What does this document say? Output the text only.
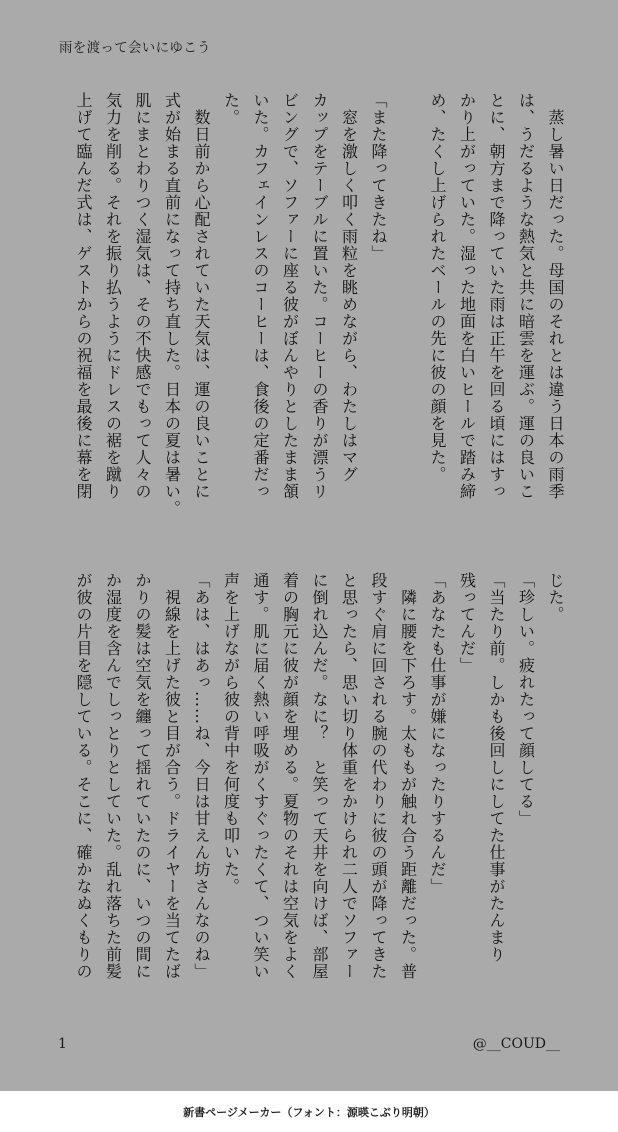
雨を渡って会いにゆこう

　蒸し暑い日だった。母国のそれとは違う日本の雨季

は、うだるような熱気と共に暗雲を運ぶ。運の良いこ

とに、朝方まで降っていた雨は正午を回る頃にはすっ

かり上がっていた。湿った地面を白いヒールで踏み締

め、たくし上げられたベールの先に彼の顔を見た。

「また降ってきたね」

　窓を激しく叩く雨粒を眺めながら、わたしはマグ

カップをテーブルに置いた。コーヒーの香りが漂うリ

ビングで、ソファーに座る彼がぼんやりとしたまま頷

いた。カフェインレスのコーヒーは、食後の定番だっ

た。

　数日前から心配されていた天気は、運の良いことに

式が始まる直前になって持ち直した。日本の夏は暑い。

肌にまとわりつく湿気は、その不快感でもって人々の

気力を削る。それを振り払うようにドレスの裾を蹴り

上げて臨んだ式は、ゲストからの祝福を最後に幕を閉

じた。

「珍しい。疲れたって顔してる」

「当たり前。しかも後回しにしてた仕事がたんまり

残ってんだ」

「あなたも仕事が嫌になったりするんだ」

　隣に腰を下ろす。太ももが触れ合う距離だった。普

段すぐ肩に回される腕の代わりに彼の頭が降ってきた

と思ったら、思い切り体重をかけられ二人でソファー

に倒れ込んだ。なに？　と笑って天井を向けば、部屋

着の胸元に彼が顔を埋める。夏物のそれは空気をよく

通す。肌に届く熱い呼吸がくすぐったくて、つい笑い

声を上げながら彼の背中を何度も叩いた。

「あは、はあっ……ね、今日は甘えん坊さんなのね」

　視線を上げた彼と目が合う。ドライヤーを当てたば

かりの髪は空気を纏って揺れていたのに、いつの間に

か湿度を含んでしっとりとしていた。乱れ落ちた前髪

が彼の片目を隠している。そこに、確かなぬくもりの

1	@__COUD__
新書ページメーカー（フォント：源暎こぶり明朝）
